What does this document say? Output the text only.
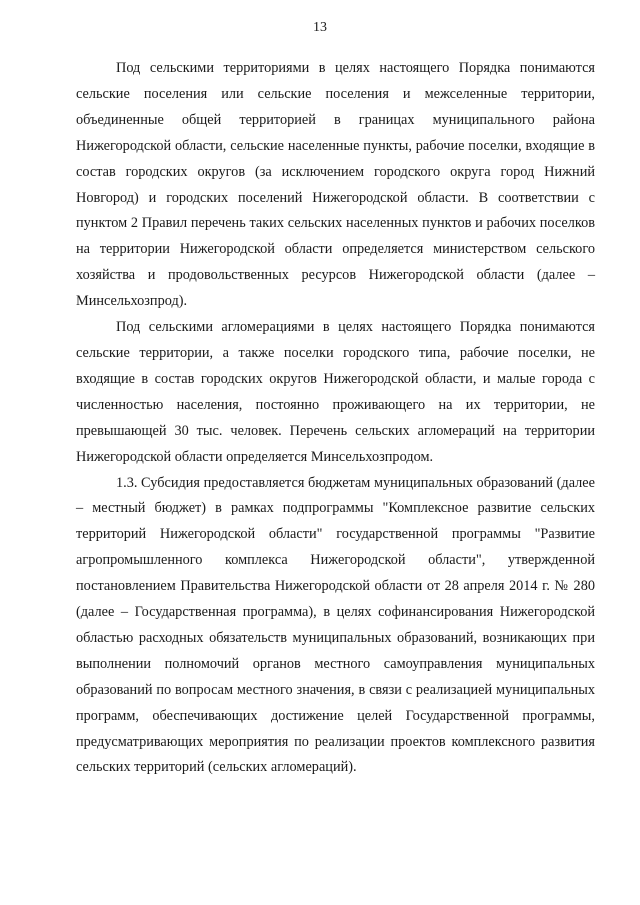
13

Под сельскими территориями в целях настоящего Порядка понимаются сельские поселения или сельские поселения и межселенные территории, объединенные общей территорией в границах муниципального района Нижегородской области, сельские населенные пункты, рабочие поселки, входящие в состав городских округов (за исключением городского округа город Нижний Новгород) и городских поселений Нижегородской области. В соответствии с пунктом 2 Правил перечень таких сельских населенных пунктов и рабочих поселков на территории Нижегородской области определяется министерством сельского хозяйства и продовольственных ресурсов Нижегородской области (далее – Минсельхозпрод).

Под сельскими агломерациями в целях настоящего Порядка понимаются сельские территории, а также поселки городского типа, рабочие поселки, не входящие в состав городских округов Нижегородской области, и малые города с численностью населения, постоянно проживающего на их территории, не превышающей 30 тыс. человек. Перечень сельских агломераций на территории Нижегородской области определяется Минсельхозпродом.

1.3. Субсидия предоставляется бюджетам муниципальных образований (далее – местный бюджет) в рамках подпрограммы "Комплексное развитие сельских территорий Нижегородской области" государственной программы "Развитие агропромышленного комплекса Нижегородской области", утвержденной постановлением Правительства Нижегородской области от 28 апреля 2014 г. № 280 (далее – Государственная программа), в целях софинансирования Нижегородской областью расходных обязательств муниципальных образований, возникающих при выполнении полномочий органов местного самоуправления муниципальных образований по вопросам местного значения, в связи с реализацией муниципальных программ, обеспечивающих достижение целей Государственной программы, предусматривающих мероприятия по реализации проектов комплексного развития сельских территорий (сельских агломераций).
